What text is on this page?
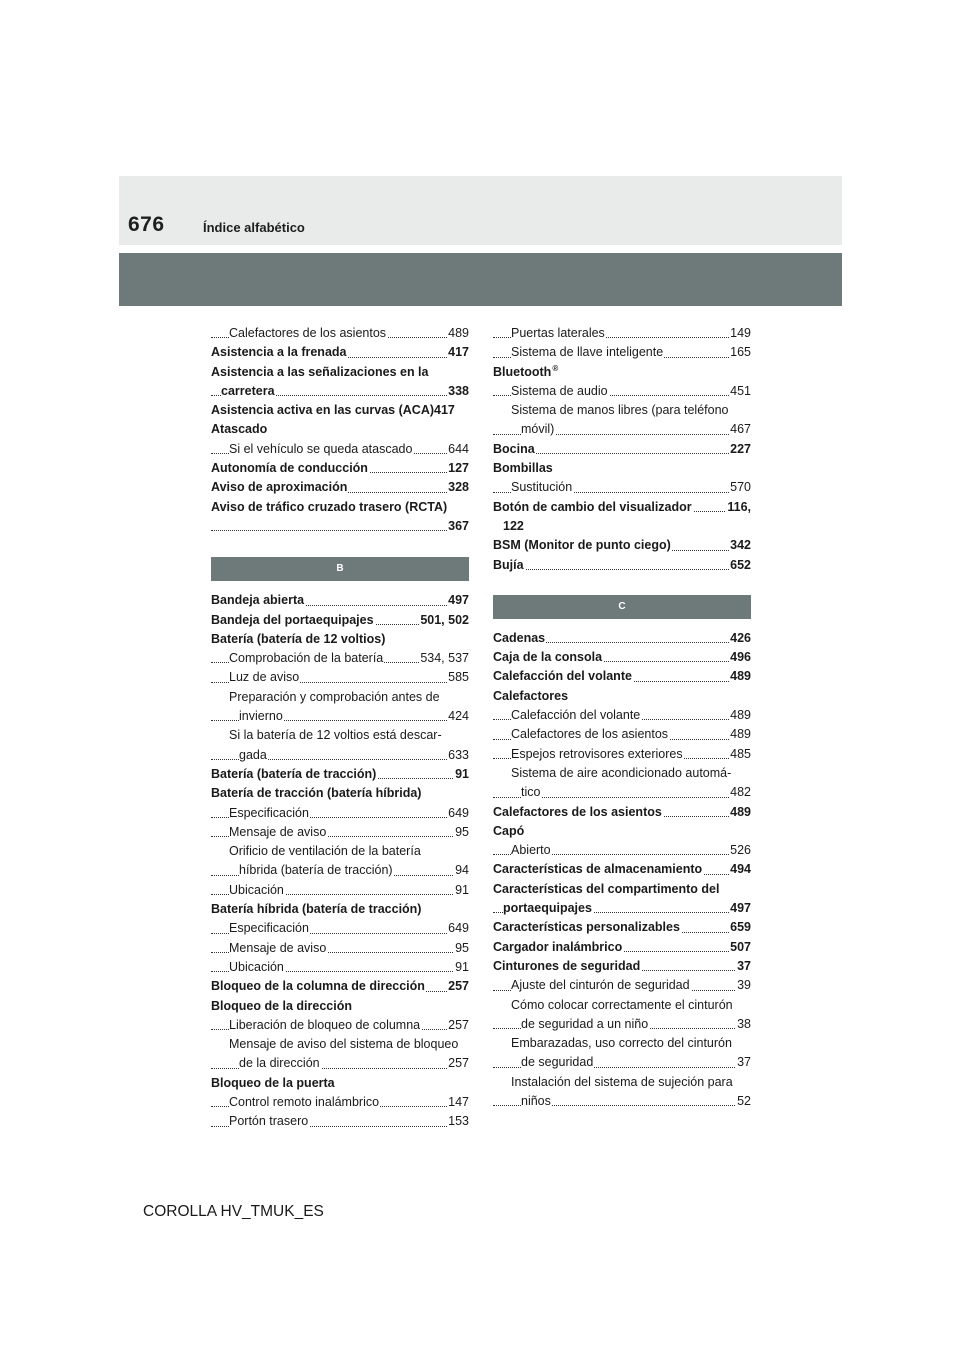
676	Índice alfabético
Calefactores de los asientos	489
Asistencia a la frenada	417
Asistencia a las señalizaciones en la
carretera	338
Asistencia activa en las curvas (ACA)417
Atascado
Si el vehículo se queda atascado	644
Autonomía de conducción	127
Aviso de aproximación	328
Aviso de tráfico cruzado trasero (RCTA)
367
B
Bandeja abierta	497
Bandeja del portaequipajes	501, 502
Batería (batería de 12 voltios)
Comprobación de la batería	534, 537
Luz de aviso	585
Preparación y comprobación antes de
invierno	424
Si la batería de 12 voltios está descar-
gada	633
Batería (batería de tracción)	91
Batería de tracción (batería híbrida)
Especificación	649
Mensaje de aviso	95
Orificio de ventilación de la batería
híbrida (batería de tracción)	94
Ubicación	91
Batería híbrida (batería de tracción)
Especificación	649
Mensaje de aviso	95
Ubicación	91
Bloqueo de la columna de dirección 257
Bloqueo de la dirección
Liberación de bloqueo de columna 257
Mensaje de aviso del sistema de bloqueo
de la dirección	257
Bloqueo de la puerta
Control remoto inalámbrico	147
Portón trasero	153
Puertas laterales	149
Sistema de llave inteligente	165
Bluetooth®
Sistema de audio	451
Sistema de manos libres (para teléfono
móvil)	467
Bocina	227
Bombillas
Sustitución	570
Botón de cambio del visualizador	116,
122
BSM (Monitor de punto ciego)	342
Bujía	652
C
Cadenas	426
Caja de la consola	496
Calefacción del volante	489
Calefactores
Calefacción del volante	489
Calefactores de los asientos	489
Espejos retrovisores exteriores	485
Sistema de aire acondicionado automá-
tico	482
Calefactores de los asientos	489
Capó
Abierto	526
Características de almacenamiento 494
Características del compartimento del
portaequipajes	497
Características personalizables	659
Cargador inalámbrico	507
Cinturones de seguridad	37
Ajuste del cinturón de seguridad	39
Cómo colocar correctamente el cinturón
de seguridad a un niño	38
Embarazadas, uso correcto del cinturón
de seguridad	37
Instalación del sistema de sujeción para
niños	52
COROLLA HV_TMUK_ES
